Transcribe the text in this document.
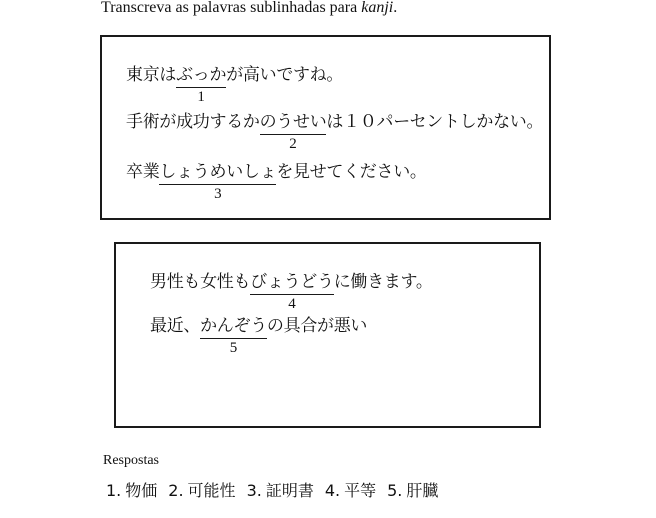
Transcreva as palavras sublinhadas para kanji.
東京はぶっか
1
が高いですね。
手術が成功するかのうせい
2
は１０パーセントしかない。
卒業しょうめいしょ
3
を見せてください。
男性も女性もびょうどう
4
に働きます。
最近、かんぞう
5
の具合が悪い
Respostas
1. 物価 2. 可能性 3. 証明書 4. 平等 5. 肝臓
